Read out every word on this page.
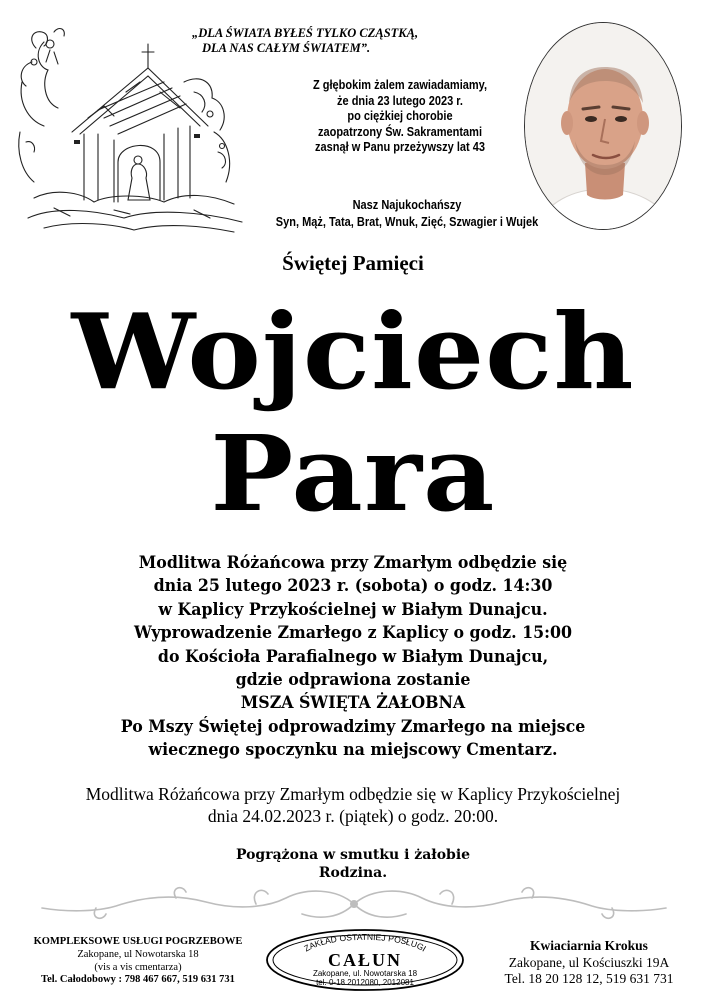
„DLA ŚWIATA BYŁEŚ TYLKO CZĄSTKĄ,
DLA NAS CAŁYM ŚWIATEM”.
Z głębokim żalem zawiadamiamy,
że dnia 23 lutego 2023 r.
po ciężkiej chorobie
zaopatrzony Św. Sakramentami
zasnął w Panu przeżywszy lat 43
Nasz Najukochańszy
Syn, Mąż, Tata, Brat, Wnuk, Zięć, Szwagier i Wujek
Świętej Pamięci
Wojciech
Para
Modlitwa Różańcowa przy Zmarłym odbędzie się
dnia 25 lutego 2023 r. (sobota) o godz. 14:30
w Kaplicy Przykościelnej w Białym Dunajcu.
Wyprowadzenie Zmarłego z Kaplicy o godz. 15:00
do Kościoła Parafialnego w Białym Dunajcu,
gdzie odprawiona zostanie
MSZA ŚWIĘTA ŻAŁOBNA
Po Mszy Świętej odprowadzimy Zmarłego na miejsce
wiecznego spoczynku na miejscowy Cmentarz.
Modlitwa Różańcowa przy Zmarłym odbędzie się w Kaplicy Przykościelnej
dnia 24.02.2023 r. (piątek) o godz. 20:00.
Pogrążona w smutku i żałobie
Rodzina.
KOMPLEKSOWE USŁUGI POGRZEBOWE
Zakopane, ul Nowotarska 18
(vis a vis cmentarza)
Tel. Całodobowy : 798 467 667, 519 631 731
ZAKŁAD OSTATNIEJ POSŁUGI
CAŁUN
Zakopane, ul. Nowotarska 18
tel. 0-18 2012080, 2012081
Kwiaciarnia Krokus
Zakopane, ul Kościuszki 19A
Tel. 18 20 128 12, 519 631 731
